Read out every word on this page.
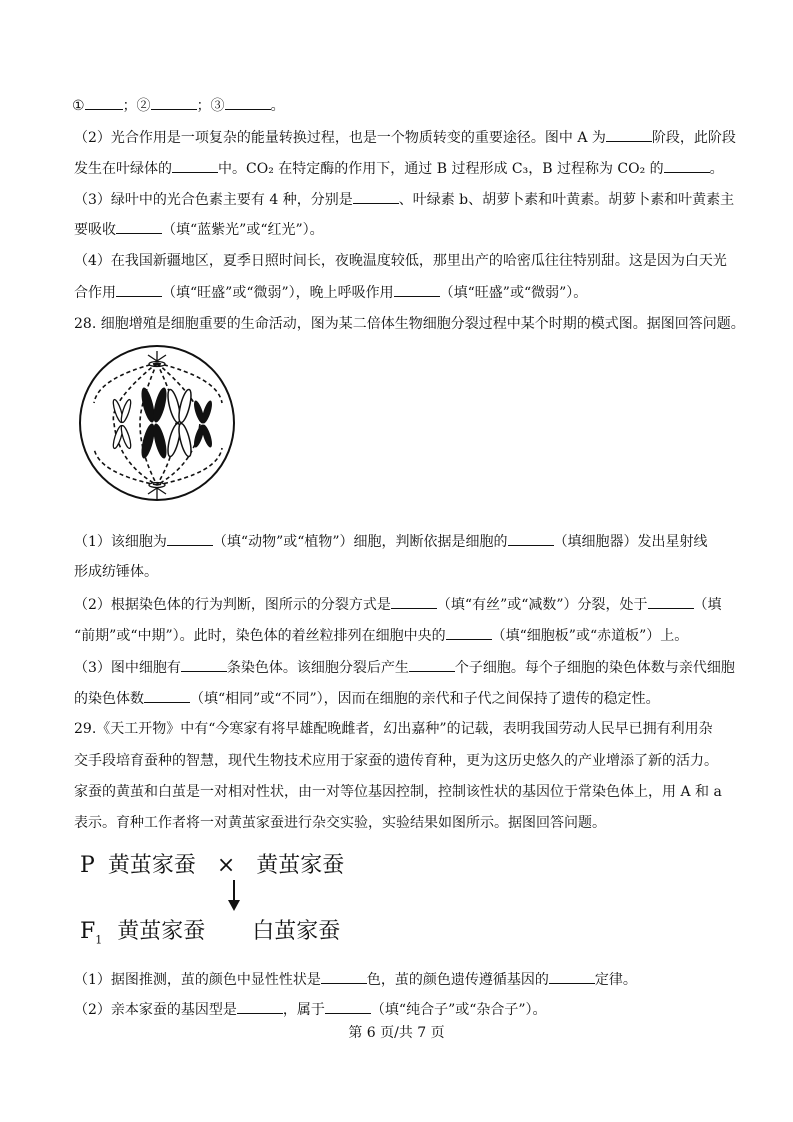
①	；②	；③	。
（2）光合作用是一项复杂的能量转换过程，也是一个物质转变的重要途径。图中 A 为	阶段，此阶段
发生在叶绿体的	中。CO₂ 在特定酶的作用下，通过 B 过程形成 C₃，B 过程称为 CO₂ 的	。
（3）绿叶中的光合色素主要有 4 种，分别是	、叶绿素 b、胡萝卜素和叶黄素。胡萝卜素和叶黄素主
要吸收	（填“蓝紫光”或“红光”）。
（4）在我国新疆地区，夏季日照时间长，夜晚温度较低，那里出产的哈密瓜往往特别甜。这是因为白天光
合作用	（填“旺盛”或“微弱”），晚上呼吸作用	（填“旺盛”或“微弱”）。
28. 细胞增殖是细胞重要的生命活动，图为某二倍体生物细胞分裂过程中某个时期的模式图。据图回答问题。
（1）该细胞为	（填“动物”或“植物”）细胞，判断依据是细胞的	（填细胞器）发出星射线
形成纺锤体。
（2）根据染色体的行为判断，图所示的分裂方式是	（填“有丝”或“减数”）分裂，处于	（填
“前期”或“中期”）。此时，染色体的着丝粒排列在细胞中央的	（填“细胞板”或“赤道板”）上。
（3）图中细胞有	条染色体。该细胞分裂后产生	个子细胞。每个子细胞的染色体数与亲代细胞
的染色体数	（填“相同”或“不同”），因而在细胞的亲代和子代之间保持了遗传的稳定性。
29.《天工开物》中有“今寒家有将早雄配晚雌者，幻出嘉种”的记载，表明我国劳动人民早已拥有利用杂
交手段培育蚕种的智慧，现代生物技术应用于家蚕的遗传育种，更为这历史悠久的产业增添了新的活力。
家蚕的黄茧和白茧是一对相对性状，由一对等位基因控制，控制该性状的基因位于常染色体上，用 A 和 a
表示。育种工作者将一对黄茧家蚕进行杂交实验，实验结果如图所示。据图回答问题。
（1）据图推测，茧的颜色中显性性状是	色，茧的颜色遗传遵循基因的	定律。
（2）亲本家蚕的基因型是	，属于	（填“纯合子”或“杂合子”）。
P 黄茧家蚕 × 黄茧家蚕
$F_1$ 黄茧家蚕 白茧家蚕
第 6 页/共 7 页
